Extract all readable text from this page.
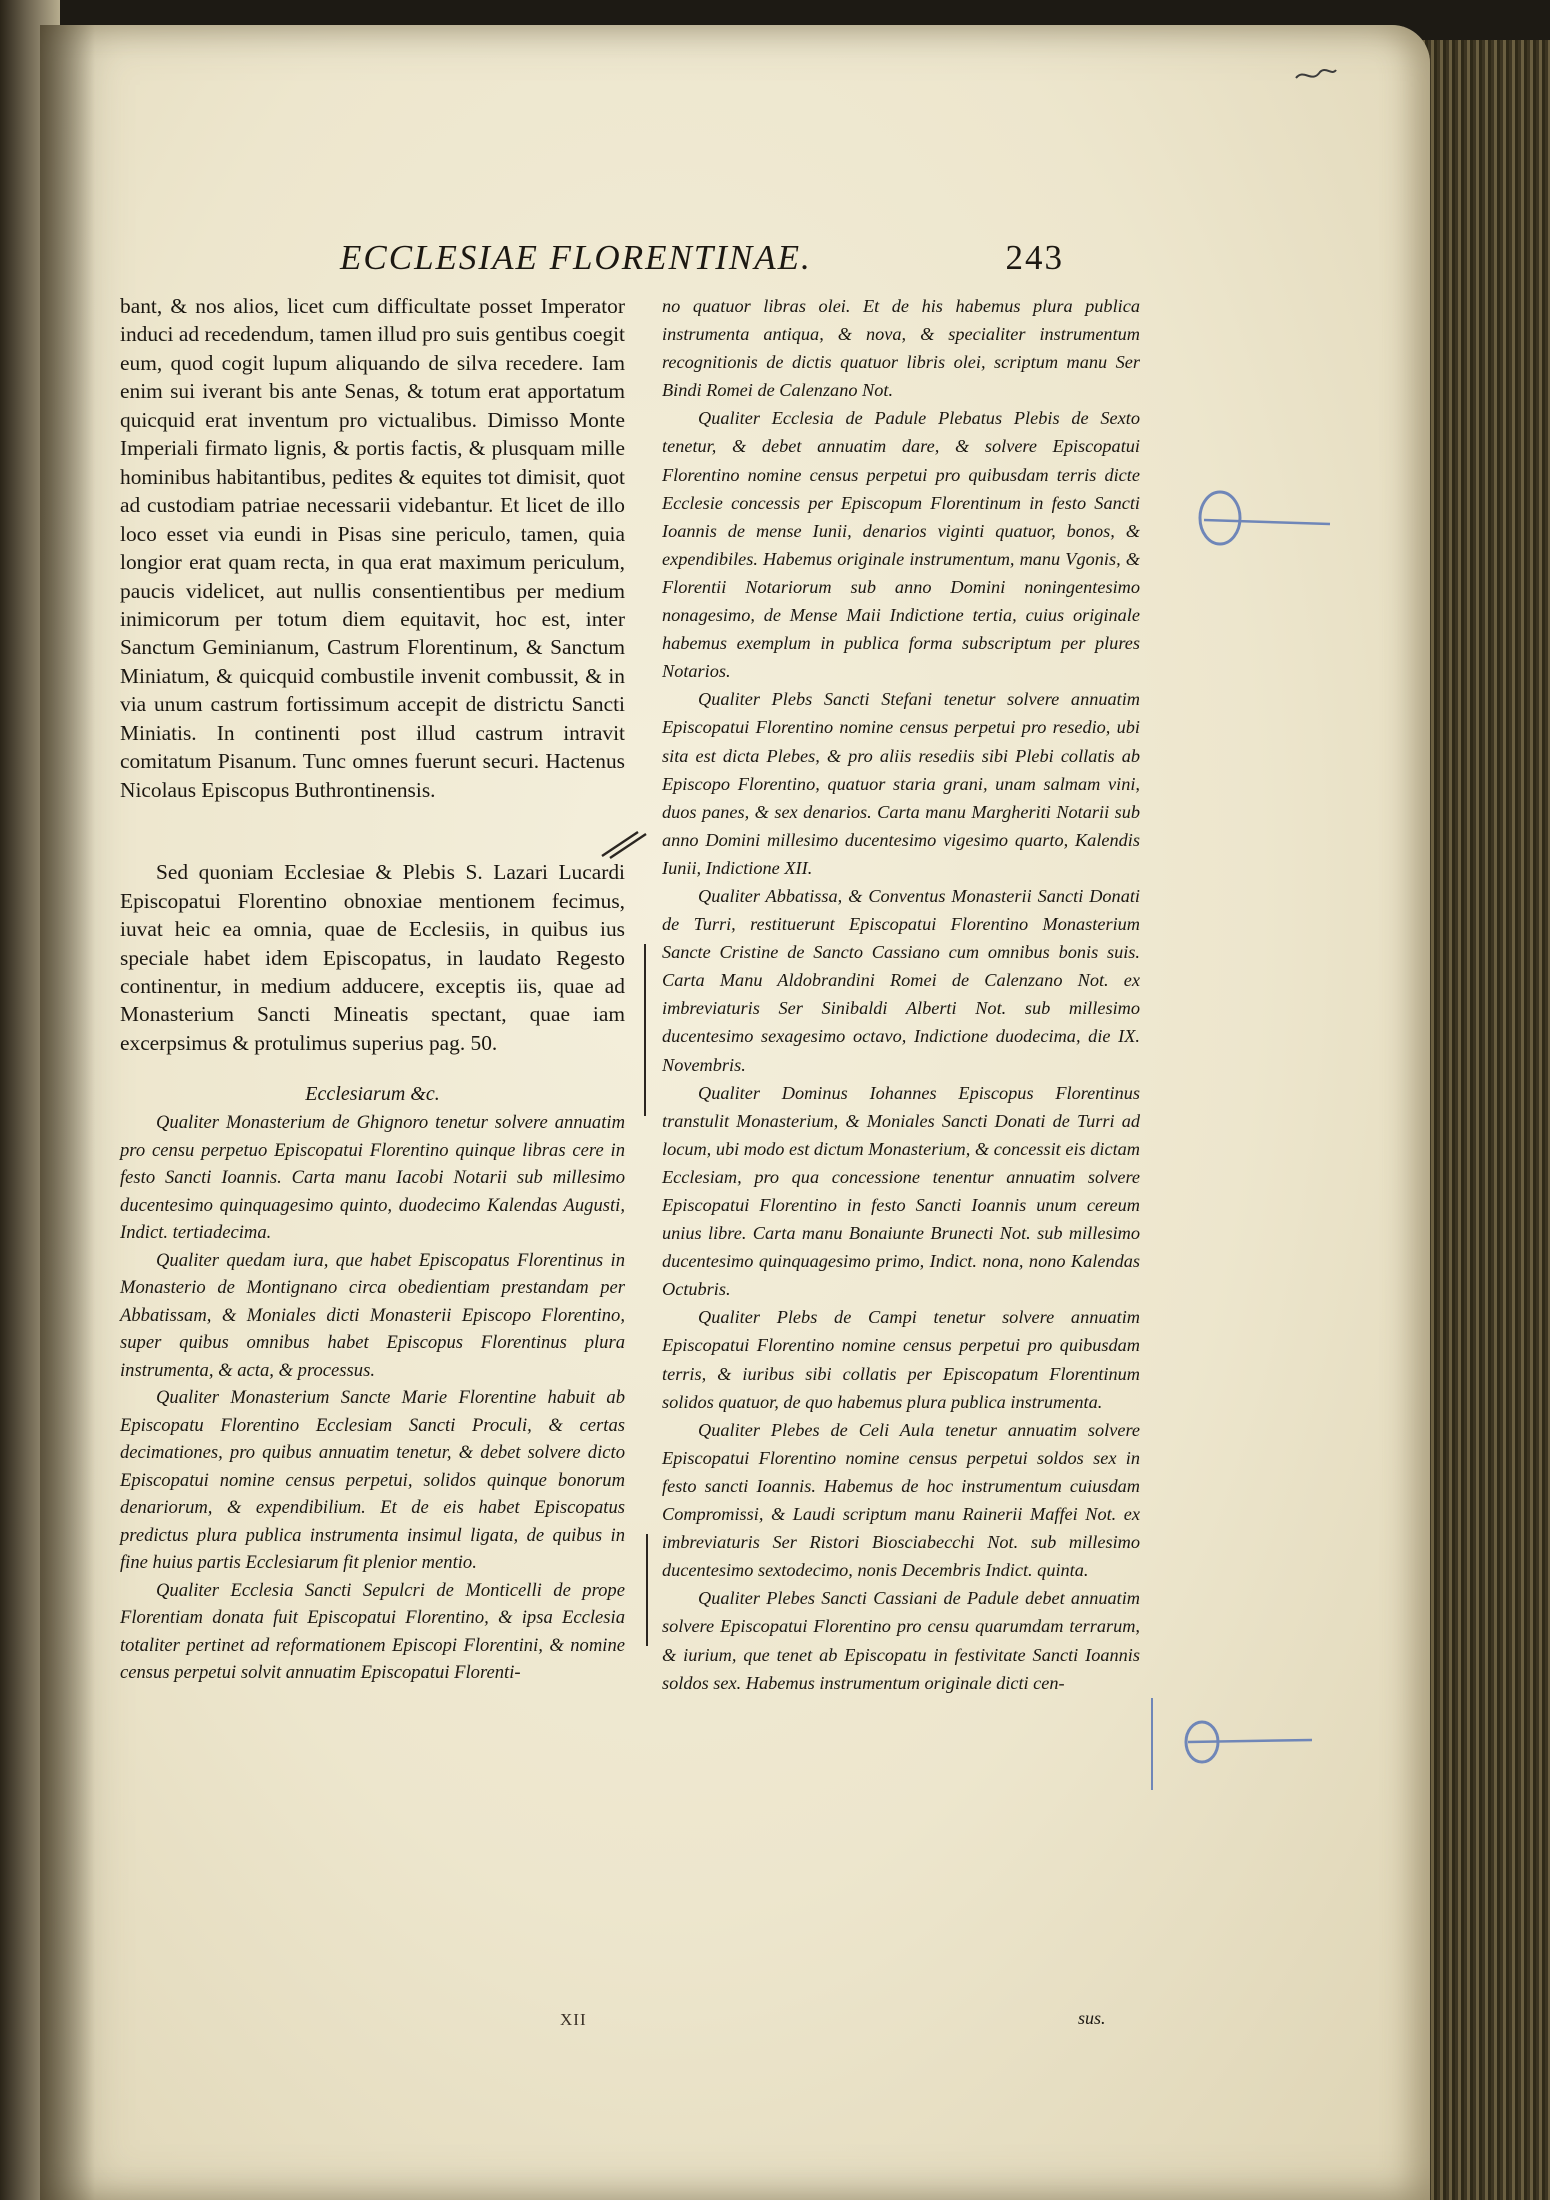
ECCLESIAE FLORENTINAE.	243

bant, & nos alios, licet cum difficultate posset Imperator induci ad recedendum, tamen illud pro suis gentibus coegit eum, quod cogit lupum aliquando de silva recedere. Iam enim sui iverant bis ante Senas, & totum erat apportatum quicquid erat inventum pro victualibus. Dimisso Monte Imperiali firmato lignis, & portis factis, & plusquam mille hominibus habitantibus, pedites & equites tot dimisit, quot ad custodiam patriae necessarii videbantur. Et licet de illo loco esset via eundi in Pisas sine periculo, tamen, quia longior erat quam recta, in qua erat maximum periculum, paucis videlicet, aut nullis consentientibus per medium inimicorum per totum diem equitavit, hoc est, inter Sanctum Geminianum, Castrum Florentinum, & Sanctum Miniatum, & quicquid combustile invenit combussit, & in via unum castrum fortissimum accepit de districtu Sancti Miniatis. In continenti post illud castrum intravit comitatum Pisanum. Tunc omnes fuerunt securi. Hactenus Nicolaus Episcopus Buthrontinensis.

Sed quoniam Ecclesiae & Plebis S. Lazari Lucardi Episcopatui Florentino obnoxiae mentionem fecimus, iuvat heic ea omnia, quae de Ecclesiis, in quibus ius speciale habet idem Episcopatus, in laudato Regesto continentur, in medium adducere, exceptis iis, quae ad Monasterium Sancti Mineatis spectant, quae iam excerpsimus & protulimus superius pag. 50.

Ecclesiarum &c.

Qualiter Monasterium de Ghignoro tenetur solvere annuatim pro censu perpetuo Episcopatui Florentino quinque libras cere in festo Sancti Ioannis. Carta manu Iacobi Notarii sub millesimo ducentesimo quinquagesimo quinto, duodecimo Kalendas Augusti, Indict. tertiadecima.

Qualiter quedam iura, que habet Episcopatus Florentinus in Monasterio de Montignano circa obedientiam prestandam per Abbatissam, & Moniales dicti Monasterii Episcopo Florentino, super quibus omnibus habet Episcopus Florentinus plura instrumenta, & acta, & processus.

Qualiter Monasterium Sancte Marie Florentine habuit ab Episcopatu Florentino Ecclesiam Sancti Proculi, & certas decimationes, pro quibus annuatim tenetur, & debet solvere dicto Episcopatui nomine census perpetui, solidos quinque bonorum denariorum, & expendibilium. Et de eis habet Episcopatus predictus plura publica instrumenta insimul ligata, de quibus in fine huius partis Ecclesiarum fit plenior mentio.

Qualiter Ecclesia Sancti Sepulcri de Monticelli de prope Florentiam donata fuit Episcopatui Florentino, & ipsa Ecclesia totaliter pertinet ad reformationem Episcopi Florentini, & nomine census perpetui solvit annuatim Episcopatui Florenti-

no quatuor libras olei. Et de his habemus plura publica instrumenta antiqua, & nova, & specialiter instrumentum recognitionis de dictis quatuor libris olei, scriptum manu Ser Bindi Romei de Calenzano Not.

Qualiter Ecclesia de Padule Plebatus Plebis de Sexto tenetur, & debet annuatim dare, & solvere Episcopatui Florentino nomine census perpetui pro quibusdam terris dicte Ecclesie concessis per Episcopum Florentinum in festo Sancti Ioannis de mense Iunii, denarios viginti quatuor, bonos, & expendibiles. Habemus originale instrumentum, manu Vgonis, & Florentii Notariorum sub anno Domini noningentesimo nonagesimo, de Mense Maii Indictione tertia, cuius originale habemus exemplum in publica forma subscriptum per plures Notarios.

Qualiter Plebs Sancti Stefani tenetur solvere annuatim Episcopatui Florentino nomine census perpetui pro resedio, ubi sita est dicta Plebes, & pro aliis resediis sibi Plebi collatis ab Episcopo Florentino, quatuor staria grani, unam salmam vini, duos panes, & sex denarios. Carta manu Margheriti Notarii sub anno Domini millesimo ducentesimo vigesimo quarto, Kalendis Iunii, Indictione XII.

Qualiter Abbatissa, & Conventus Monasterii Sancti Donati de Turri, restituerunt Episcopatui Florentino Monasterium Sancte Cristine de Sancto Cassiano cum omnibus bonis suis. Carta Manu Aldobrandini Romei de Calenzano Not. ex imbreviaturis Ser Sinibaldi Alberti Not. sub millesimo ducentesimo sexagesimo octavo, Indictione duodecima, die IX. Novembris.

Qualiter Dominus Iohannes Episcopus Florentinus transtulit Monasterium, & Moniales Sancti Donati de Turri ad locum, ubi modo est dictum Monasterium, & concessit eis dictam Ecclesiam, pro qua concessione tenentur annuatim solvere Episcopatui Florentino in festo Sancti Ioannis unum cereum unius libre. Carta manu Bonaiunte Brunecti Not. sub millesimo ducentesimo quinquagesimo primo, Indict. nona, nono Kalendas Octubris.

Qualiter Plebs de Campi tenetur solvere annuatim Episcopatui Florentino nomine census perpetui pro quibusdam terris, & iuribus sibi collatis per Episcopatum Florentinum solidos quatuor, de quo habemus plura publica instrumenta.

Qualiter Plebes de Celi Aula tenetur annuatim solvere Episcopatui Florentino nomine census perpetui soldos sex in festo sancti Ioannis. Habemus de hoc instrumentum cuiusdam Compromissi, & Laudi scriptum manu Rainerii Maffei Not. ex imbreviaturis Ser Ristori Biosciabecchi Not. sub millesimo ducentesimo sextodecimo, nonis Decembris Indict. quinta.

Qualiter Plebes Sancti Cassiani de Padule debet annuatim solvere Episcopatui Florentino pro censu quarumdam terrarum, & iurium, que tenet ab Episcopatu in festivitate Sancti Ioannis soldos sex. Habemus instrumentum originale dicti cen-

XII	sus.
